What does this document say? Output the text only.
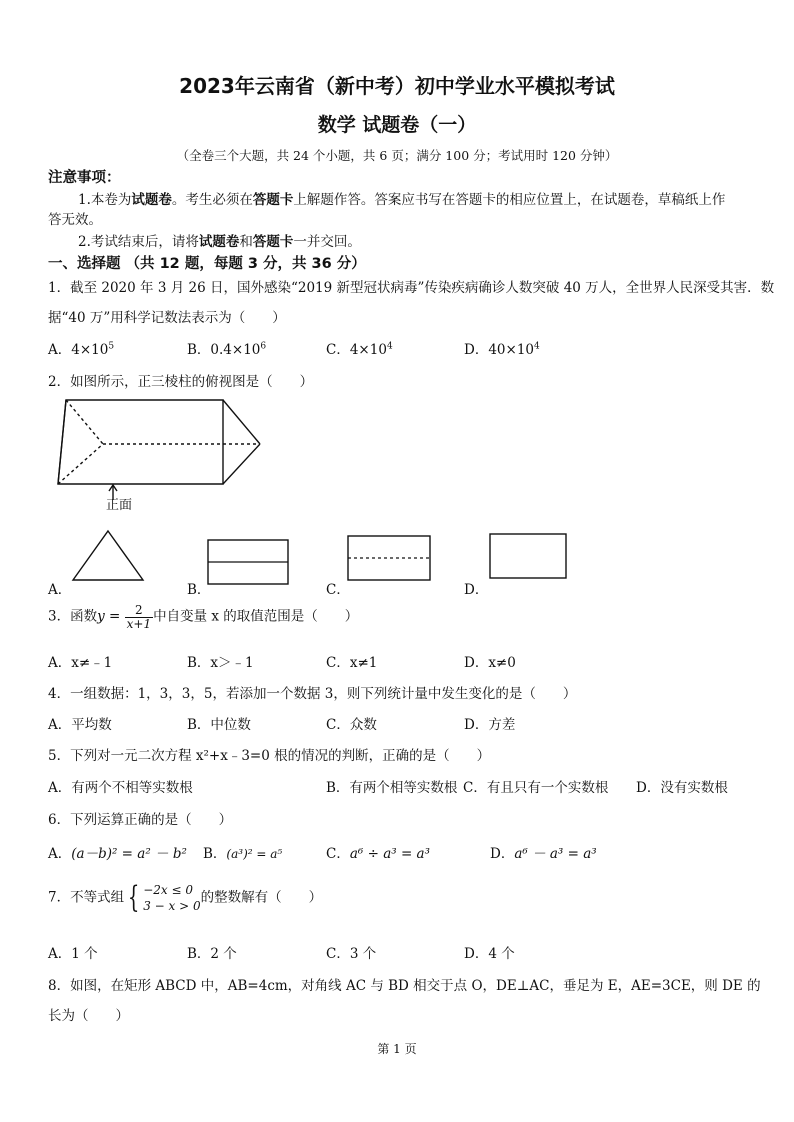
2023年云南省（新中考）初中学业水平模拟考试
数学 试题卷（一）
（全卷三个大题，共 24 个小题，共 6 页；满分 100 分；考试用时 120 分钟）
注意事项：
1.本卷为试题卷。考生必须在答题卡上解题作答。答案应书写在答题卡的相应位置上，在试题卷，草稿纸上作
答无效。
2.考试结束后，请将试题卷和答题卡一并交回。
一、选择题 （共 12 题，每题 3 分，共 36 分）
1．截至 2020 年 3 月 26 日，国外感染“2019 新型冠状病毒”传染疾病确诊人数突破 40 万人，全世界人民深受其害．数
据“40 万”用科学记数法表示为（　　）
A．$4\times 10^5$	B．$0.4\times 10^6$	C．$4\times 10^4$	D．$40\times 10^4$
2．如图所示，正三棱柱的俯视图是（　　）
正面
A．	B．	C．	D．
3．函数$y = \frac{2}{x+1}$ 中自变量 x 的取值范围是（　　）
A．x≠﹣1	B．x＞﹣1	C．x≠1	D．x≠0
4．一组数据：1，3，3，5，若添加一个数据 3，则下列统计量中发生变化的是（　　）
A．平均数	B．中位数	C．众数	D．方差
5．下列对一元二次方程 x²+x﹣3=0 根的情况的判断，正确的是（　　）
A．有两个不相等实数根	B．有两个相等实数根 C．有且只有一个实数根 D．没有实数根
6．下列运算正确的是（　　）
A．(a－b)² = a² － b² B．(a³)² = a⁵	C．a⁶ ÷ a³ = a³	D．a⁶ － a³ = a³
7．不等式组 { −2x ≤ 0
3 − x > 0
的整数解有（　　）
A．1 个	B．2 个	C．3 个	D．4 个
8．如图，在矩形 ABCD 中，AB=4cm，对角线 AC 与 BD 相交于点 O，DE⊥AC，垂足为 E，AE=3CE，则 DE 的
长为（　　）
第 1 页
